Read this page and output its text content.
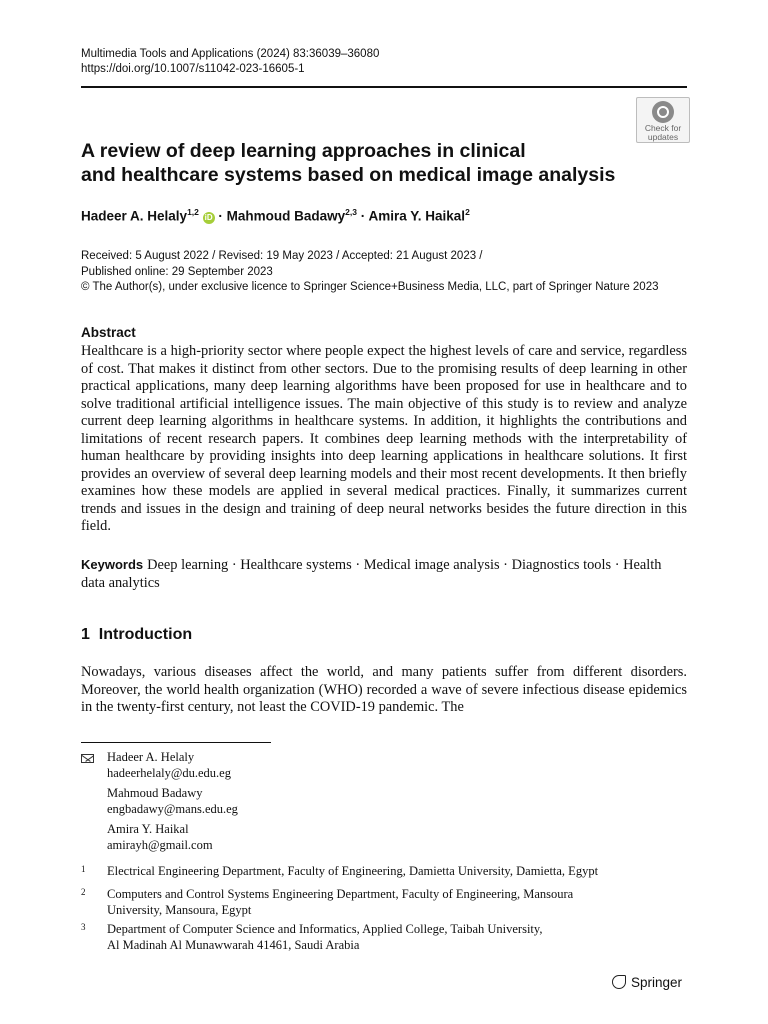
Multimedia Tools and Applications (2024) 83:36039–36080
https://doi.org/10.1007/s11042-023-16605-1
Check for
updates
A review of deep learning approaches in clinical
and healthcare systems based on medical image analysis
Hadeer A. Helaly$^{1,2}$ iD · Mahmoud Badawy$^{2,3}$ · Amira Y. Haikal$^2$
Received: 5 August 2022 / Revised: 19 May 2023 / Accepted: 21 August 2023 /
Published online: 29 September 2023
© The Author(s), under exclusive licence to Springer Science+Business Media, LLC, part of Springer Nature 2023
Abstract
Healthcare is a high-priority sector where people expect the highest levels of care and service, regardless of cost. That makes it distinct from other sectors. Due to the promising results of deep learning in other practical applications, many deep learning algorithms have been proposed for use in healthcare and to solve traditional artificial intelligence issues. The main objective of this study is to review and analyze current deep learning algorithms in healthcare systems. In addition, it highlights the contributions and limitations of recent research papers. It combines deep learning methods with the interpretability of human healthcare by providing insights into deep learning applications in healthcare solutions. It first provides an overview of several deep learning models and their most recent developments. It then briefly examines how these models are applied in several medical practices. Finally, it summarizes current trends and issues in the design and training of deep neural networks besides the future direction in this field.
Keywords Deep learning · Healthcare systems · Medical image analysis · Diagnostics tools · Health data analytics
1 Introduction
Nowadays, various diseases affect the world, and many patients suffer from different disorders. Moreover, the world health organization (WHO) recorded a wave of severe infectious disease epidemics in the twenty-first century, not least the COVID-19 pandemic. The
Hadeer A. Helaly
hadeerhelaly@du.edu.eg
Mahmoud Badawy
engbadawy@mans.edu.eg
Amira Y. Haikal
amirayh@gmail.com
1 Electrical Engineering Department, Faculty of Engineering, Damietta University, Damietta, Egypt
2 Computers and Control Systems Engineering Department, Faculty of Engineering, Mansoura
University, Mansoura, Egypt
3 Department of Computer Science and Informatics, Applied College, Taibah University,
Al Madinah Al Munawwarah 41461, Saudi Arabia
Springer
